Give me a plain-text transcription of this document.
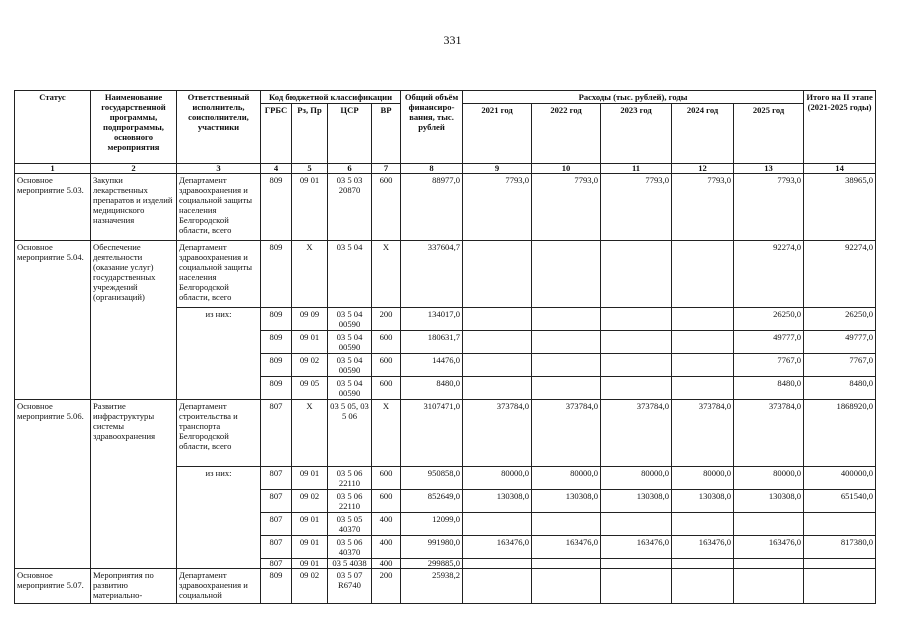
331
Статус	Наименование государственной программы, подпрограммы, основного мероприятия	Ответственный исполнитель, соисполнители, участники	Код бюджетной классификации				Общий объём финансиро-вания, тыс. рублей	Расходы (тыс. рублей), годы					Итого на II этапе (2021-2025 годы)
			ГРБС	Рз, Пр	ЦСР	ВР		2021 год	2022 год	2023 год	2024 год	2025 год	
1	2	3	4	5	6	7	8	9	10	11	12	13	14
Основное мероприятие 5.03.	Закупки лекарственных препаратов и изделий медицинского назначения	Департамент здравоохранения и социальной защиты населения Белгородской области, всего	809	09 01	03 5 03 20870	600	88977,0	7793,0	7793,0	7793,0	7793,0	7793,0	38965,0
Основное мероприятие 5.04.	Обеспечение деятельности (оказание услуг) государственных учреждений (организаций)	Департамент здравоохранения и социальной защиты населения Белгородской области, всего	809	X	03 5 04	X	337604,7					92274,0	92274,0
		из них:	809	09 09	03 5 04 00590	200	134017,0					26250,0	26250,0
			809	09 01	03 5 04 00590	600	180631,7					49777,0	49777,0
			809	09 02	03 5 04 00590	600	14476,0					7767,0	7767,0
			809	09 05	03 5 04 00590	600	8480,0					8480,0	8480,0
Основное мероприятие 5.06.	Развитие инфраструктуры системы здравоохранения	Департамент строительства и транспорта Белгородской области, всего	807	X	03 5 05, 03 5 06	X	3107471,0	373784,0	373784,0	373784,0	373784,0	373784,0	1868920,0
		из них:	807	09 01	03 5 06 22110	600	950858,0	80000,0	80000,0	80000,0	80000,0	80000,0	400000,0
			807	09 02	03 5 06 22110	600	852649,0	130308,0	130308,0	130308,0	130308,0	130308,0	651540,0
			807	09 01	03 5 05 40370	400	12099,0						
			807	09 01	03 5 06 40370	400	991980,0	163476,0	163476,0	163476,0	163476,0	163476,0	817380,0
			807	09 01	03 5 4038	400	299885,0						
Основное мероприятие 5.07.	Мероприятия по развитию материально-	Департамент здравоохранения и социальной	809	09 02	03 5 07 R6740	200	25938,2						
